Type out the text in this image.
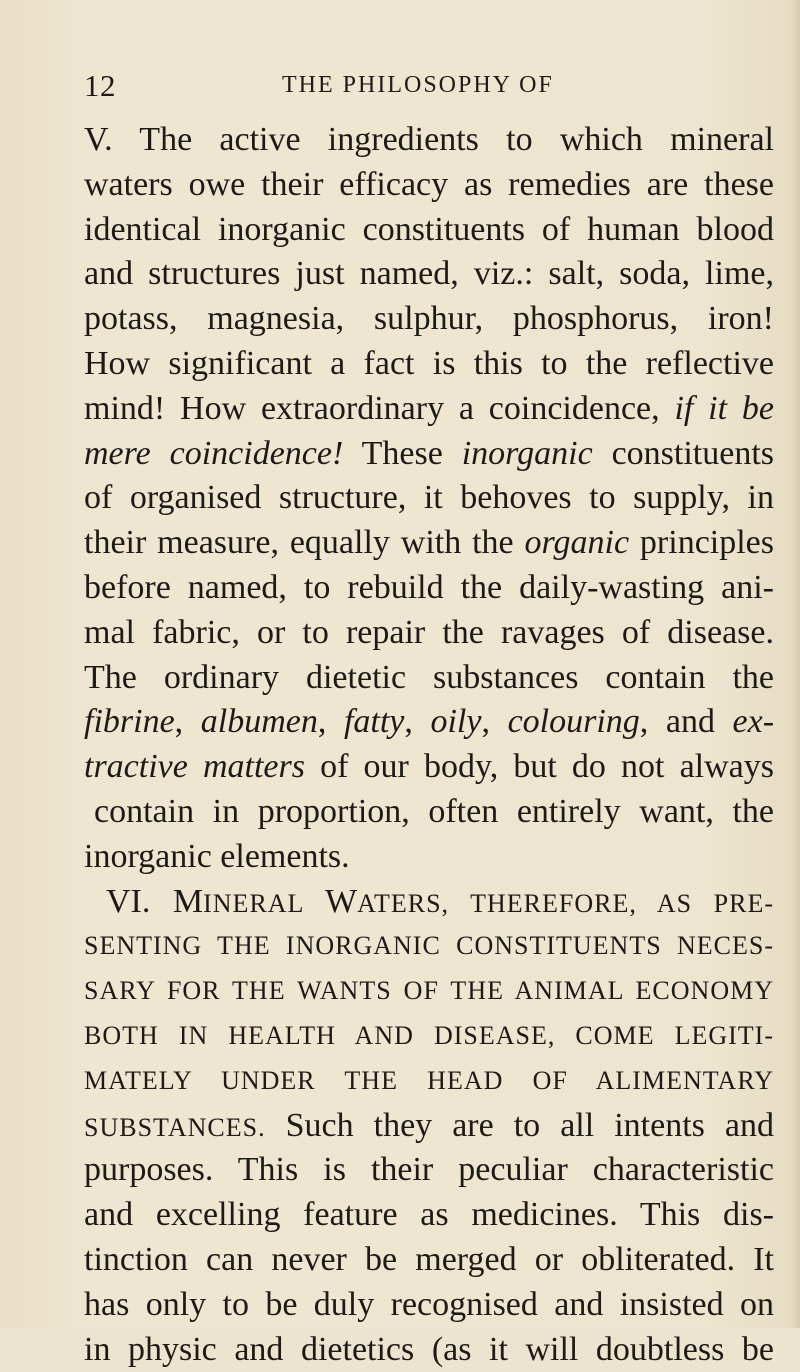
12	THE PHILOSOPHY OF
V. The active ingredients to which mineral
waters owe their efficacy as remedies are these
identical inorganic constituents of human blood
and structures just named, viz.: salt, soda, lime,
potass, magnesia, sulphur, phosphorus, iron!
How significant a fact is this to the reflective
mind! How extraordinary a coincidence, if it be
mere coincidence! These inorganic constituents
of organised structure, it behoves to supply, in
their measure, equally with the organic principles
before named, to rebuild the daily-wasting ani-
mal fabric, or to repair the ravages of disease.
The ordinary dietetic substances contain the
fibrine, albumen, fatty, oily, colouring, and ex-
tractive matters of our body, but do not always
contain in proportion, often entirely want, the
inorganic elements.
VI. MINERAL WATERS, THEREFORE, AS PRE-
SENTING THE INORGANIC CONSTITUENTS NECES-
SARY FOR THE WANTS OF THE ANIMAL ECONOMY
BOTH IN HEALTH AND DISEASE, COME LEGITI-
MATELY UNDER THE HEAD OF ALIMENTARY
SUBSTANCES. Such they are to all intents and
purposes. This is their peculiar characteristic
and excelling feature as medicines. This dis-
tinction can never be merged or obliterated. It
has only to be duly recognised and insisted on
in physic and dietetics (as it will doubtless be
